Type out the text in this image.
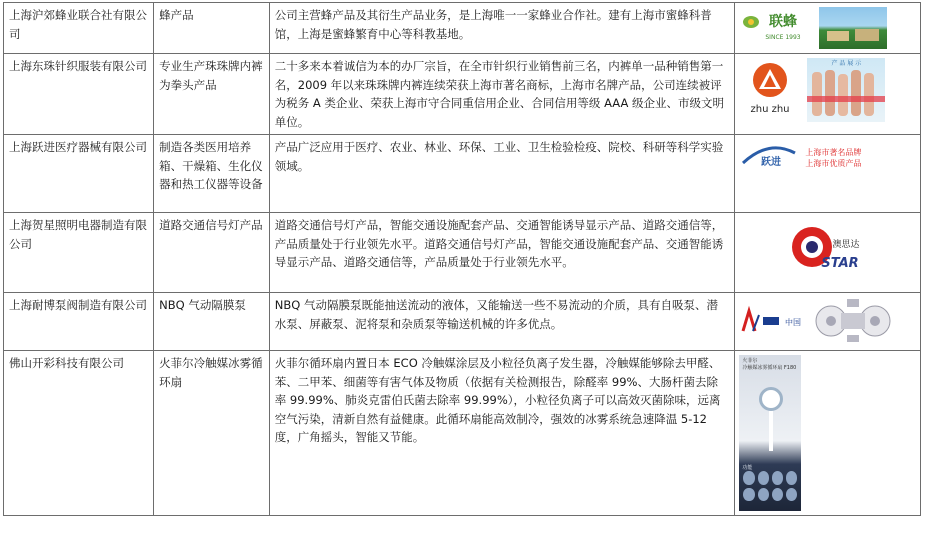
上海沪郊蜂业联合社有限公司	蜂产品	公司主营蜂产品及其衍生产品业务，是上海唯一一家蜂业合作社。建有上海市蜜蜂科普馆，上海是蜜蜂繁育中心等科教基地。	联蜂
SINCE 1993

上海东珠针织服装有限公司	专业生产珠珠牌内裤为拳头产品	二十多来本着诚信为本的办厂宗旨，在全市针织行业销售前三名，内裤单一品种销售第一名，2009 年以来珠珠牌内裤连续荣获上海市著名商标，上海市名牌产品，公司连续被评为税务 A 类企业、荣获上海市守合同重信用企业、合同信用等级 AAA 级企业、市级文明单位。	zhu zhu
产 品 展 示

上海跃进医疗器械有限公司	制造各类医用培养箱、干燥箱、生化仪器和热工仪器等设备	产品广泛应用于医疗、农业、林业、环保、工业、卫生检验检疫、院校、科研等科学实验领域。	跃进
上海市著名品牌
上海市优质产品

上海贺星照明电器制造有限公司	道路交通信号灯产品	道路交通信号灯产品，智能交通设施配套产品、交通智能诱导显示产品、道路交通信等，产品质量处于行业领先水平。道路交通信号灯产品，智能交通设施配套产品、交通智能诱导显示产品、道路交通信等，产品质量处于行业领先水平。	澳思达
STAR

上海耐博泵阀制造有限公司	NBQ 气动隔膜泵	NBQ 气动隔膜泵既能抽送流动的液体，又能输送一些不易流动的介质，具有自吸泵、潜水泵、屏蔽泵、泥将泵和杂质泵等输送机械的许多优点。	中国

佛山开彩科技有限公司	火菲尔冷触媒冰雾循环扇	火菲尔循环扇内置日本 ECO 冷触媒涂层及小粒径负离子发生器，冷触媒能够除去甲醛、苯、二甲苯、细菌等有害气体及物质（依据有关检测报告，除醛率 99%、大肠杆菌去除率 99.99%、肺炎克雷伯氏菌去除率 99.99%），小粒径负离子可以高效灭菌除味，远离空气污染，清新自然有益健康。此循环扇能高效制冷，强效的冰雾系统急速降温 5-12 度，广角摇头，智能又节能。	火菲尔
冷触媒冰雾循环扇 F180
功能
